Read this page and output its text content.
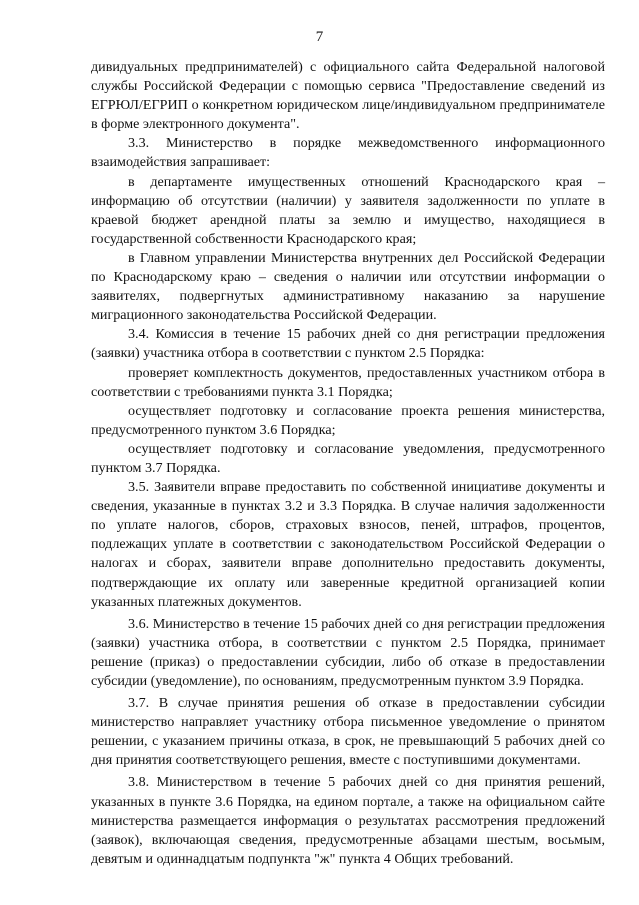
7

дивидуальных предпринимателей) с официального сайта Федеральной налоговой службы Российской Федерации с помощью сервиса "Предоставление сведений из ЕГРЮЛ/ЕГРИП о конкретном юридическом лице/индивидуальном предпринимателе в форме электронного документа".

3.3. Министерство в порядке межведомственного информационного взаимодействия запрашивает:

в департаменте имущественных отношений Краснодарского края – информацию об отсутствии (наличии) у заявителя задолженности по уплате в краевой бюджет арендной платы за землю и имущество, находящиеся в государственной собственности Краснодарского края;

в Главном управлении Министерства внутренних дел Российской Федерации по Краснодарскому краю – сведения о наличии или отсутствии информации о заявителях, подвергнутых административному наказанию за нарушение миграционного законодательства Российской Федерации.

3.4. Комиссия в течение 15 рабочих дней со дня регистрации предложения (заявки) участника отбора в соответствии с пунктом 2.5 Порядка:

проверяет комплектность документов, предоставленных участником отбора в соответствии с требованиями пункта 3.1 Порядка;

осуществляет подготовку и согласование проекта решения министерства, предусмотренного пунктом 3.6 Порядка;

осуществляет подготовку и согласование уведомления, предусмотренного пунктом 3.7 Порядка.

3.5. Заявители вправе предоставить по собственной инициативе документы и сведения, указанные в пунктах 3.2 и 3.3 Порядка. В случае наличия задолженности по уплате налогов, сборов, страховых взносов, пеней, штрафов, процентов, подлежащих уплате в соответствии с законодательством Российской Федерации о налогах и сборах, заявители вправе дополнительно предоставить документы, подтверждающие их оплату или заверенные кредитной организацией копии указанных платежных документов.

3.6. Министерство в течение 15 рабочих дней со дня регистрации предложения (заявки) участника отбора, в соответствии с пунктом 2.5 Порядка, принимает решение (приказ) о предоставлении субсидии, либо об отказе в предоставлении субсидии (уведомление), по основаниям, предусмотренным пунктом 3.9 Порядка.

3.7. В случае принятия решения об отказе в предоставлении субсидии министерство направляет участнику отбора письменное уведомление о принятом решении, с указанием причины отказа, в срок, не превышающий 5 рабочих дней со дня принятия соответствующего решения, вместе с поступившими документами.

3.8. Министерством в течение 5 рабочих дней со дня принятия решений, указанных в пункте 3.6 Порядка, на едином портале, а также на официальном сайте министерства размещается информация о результатах рассмотрения предложений (заявок), включающая сведения, предусмотренные абзацами шестым, восьмым, девятым и одиннадцатым подпункта "ж" пункта 4 Общих требований.
